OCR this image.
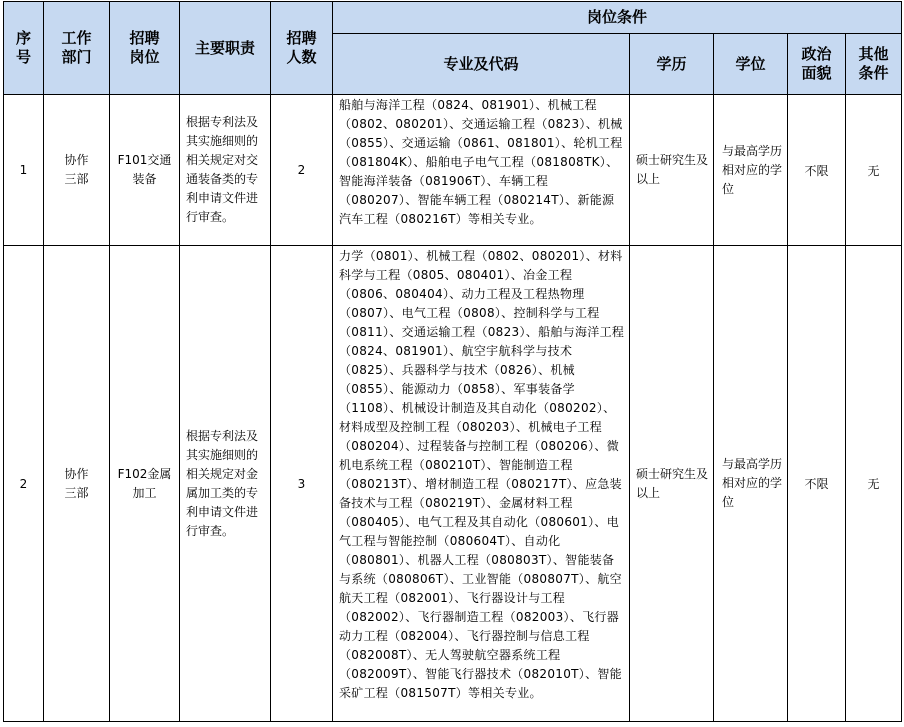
序号	工作部门	招聘岗位	主要职责	招聘人数	岗位条件				
					专业及代码	学历	学位	政治面貌	其他条件

1	协作三部	F101交通装备	根据专利法及其实施细则的相关规定对交通装备类的专利申请文件进行审查。	2	船舶与海洋工程（0824、081901）、机械工程（0802、080201）、交通运输工程（0823）、机械（0855）、交通运输（0861、081801）、轮机工程（081804K）、船舶电子电气工程（081808TK）、智能海洋装备（081906T）、车辆工程（080207）、智能车辆工程（080214T）、新能源汽车工程（080216T）等相关专业。	硕士研究生及以上	与最高学历相对应的学位	不限	无
2	协作三部	F102金属加工	根据专利法及其实施细则的相关规定对金属加工类的专利申请文件进行审查。	3	力学（0801）、机械工程（0802、080201）、材料科学与工程（0805、080401）、冶金工程（0806、080404）、动力工程及工程热物理（0807）、电气工程（0808）、控制科学与工程（0811）、交通运输工程（0823）、船舶与海洋工程（0824、081901）、航空宇航科学与技术（0825）、兵器科学与技术（0826）、机械（0855）、能源动力（0858）、军事装备学（1108）、机械设计制造及其自动化（080202）、材料成型及控制工程（080203）、机械电子工程（080204）、过程装备与控制工程（080206）、微机电系统工程（080210T）、智能制造工程（080213T）、增材制造工程（080217T）、应急装备技术与工程（080219T）、金属材料工程（080405）、电气工程及其自动化（080601）、电气工程与智能控制（080604T）、自动化（080801）、机器人工程（080803T）、智能装备与系统（080806T）、工业智能（080807T）、航空航天工程（082001）、飞行器设计与工程（082002）、飞行器制造工程（082003）、飞行器动力工程（082004）、飞行器控制与信息工程（082008T）、无人驾驶航空器系统工程（082009T）、智能飞行器技术（082010T）、智能采矿工程（081507T）等相关专业。	硕士研究生及以上	与最高学历相对应的学位	不限	无
